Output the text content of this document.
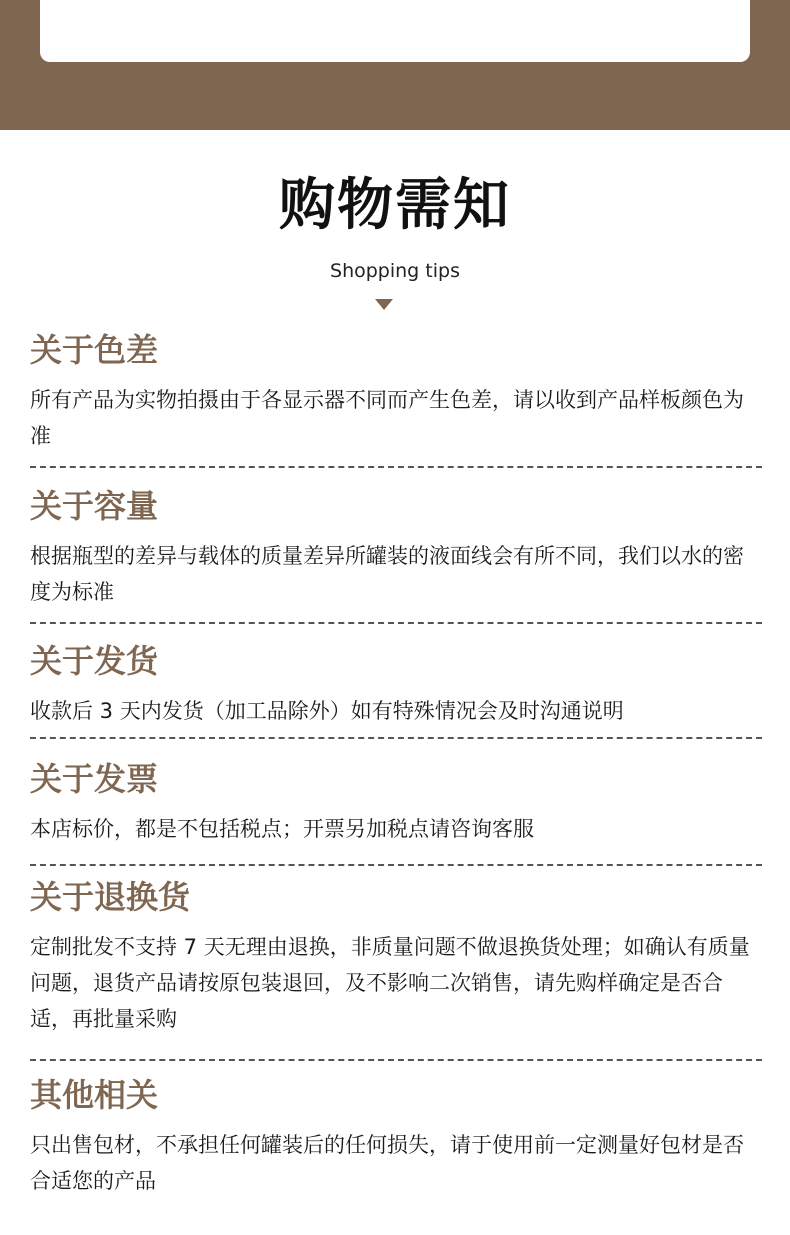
购物需知
Shopping tips
关于色差

所有产品为实物拍摄由于各显示器不同而产生色差，请以收到产品样板颜色为准

关于容量

根据瓶型的差异与载体的质量差异所罐装的液面线会有所不同，我们以水的密度为标准

关于发货

收款后 3 天内发货（加工品除外）如有特殊情况会及时沟通说明

关于发票

本店标价，都是不包括税点；开票另加税点请咨询客服

关于退换货

定制批发不支持 7 天无理由退换，非质量问题不做退换货处理；如确认有质量问题，退货产品请按原包装退回，及不影响二次销售，请先购样确定是否合适，再批量采购

其他相关

只出售包材，不承担任何罐装后的任何损失，请于使用前一定测量好包材是否合适您的产品
